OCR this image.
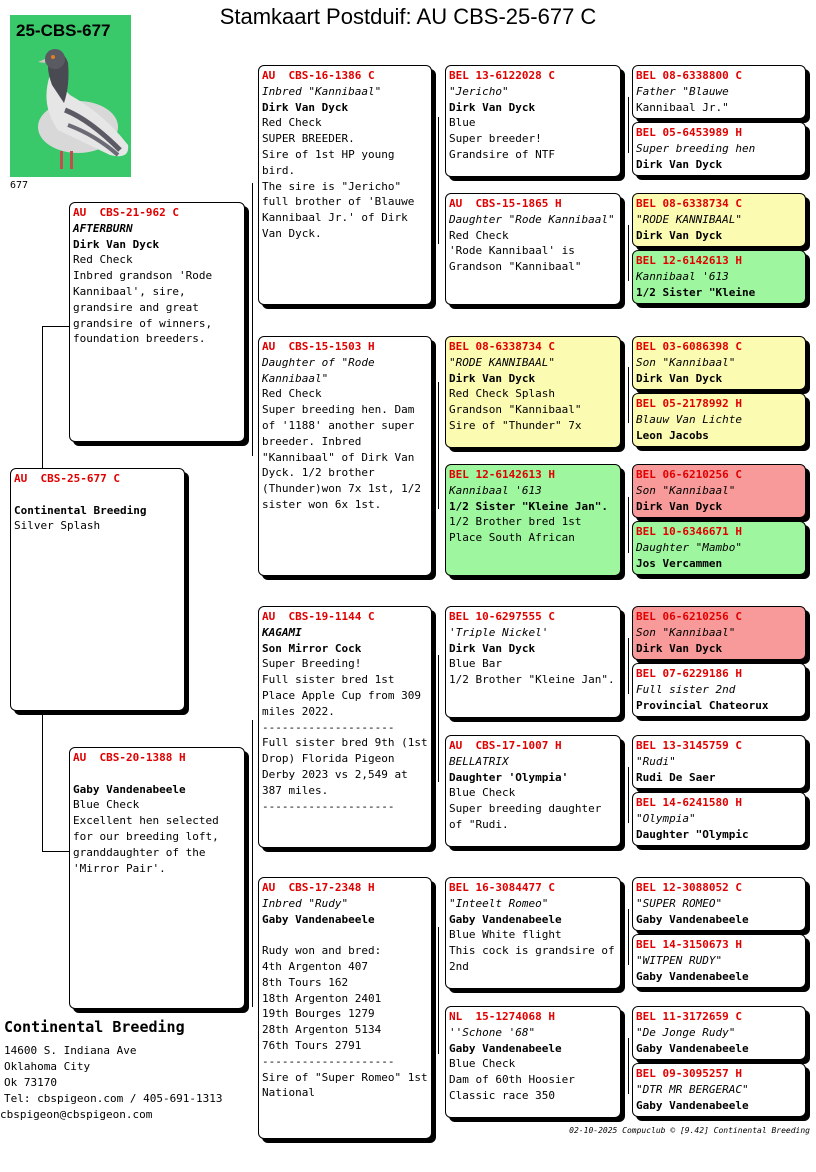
Stamkaart Postduif: AU CBS-25-677 C
25-CBS-677
677
AU  CBS-25-677 C

Continental Breeding
Silver Splash
AU  CBS-21-962 C
AFTERBURN
Dirk Van Dyck
Red Check
Inbred grandson 'Rode Kannibaal', sire, grandsire and great grandsire of winners, foundation breeders.
AU  CBS-20-1388 H

Gaby Vandenabeele
Blue Check
Excellent hen selected for our breeding loft, granddaughter of the 'Mirror Pair'.
AU  CBS-16-1386 C
Inbred "Kannibaal"
Dirk Van Dyck
Red Check
SUPER BREEDER.
Sire of 1st HP young bird.
The sire is "Jericho" full brother of 'Blauwe Kannibaal Jr.' of Dirk Van Dyck.
AU  CBS-15-1503 H
Daughter of "Rode Kannibaal"
Red Check
Super breeding hen. Dam of '1188' another super breeder. Inbred "Kannibaal" of Dirk Van Dyck. 1/2 brother (Thunder)won 7x 1st, 1/2 sister won 6x 1st.
AU  CBS-19-1144 C
KAGAMI
Son Mirror Cock
Super Breeding!
Full sister bred 1st Place Apple Cup from 309 miles 2022.
--------------------
Full sister bred 9th (1st Drop) Florida Pigeon Derby 2023 vs 2,549 at 387 miles.
--------------------
AU  CBS-17-2348 H
Inbred "Rudy"
Gaby Vandenabeele

Rudy won and bred:
4th Argenton 407
8th Tours 162
18th Argenton 2401
19th Bourges 1279
28th Argenton 5134
76th Tours 2791
--------------------
Sire of "Super Romeo" 1st National
BEL 13-6122028 C
"Jericho"
Dirk Van Dyck
Blue
Super breeder!
Grandsire of NTF
AU  CBS-15-1865 H
Daughter "Rode Kannibaal"
Red Check
'Rode Kannibaal' is Grandson "Kannibaal"
BEL 08-6338734 C
"RODE KANNIBAAL"
Dirk Van Dyck
Red Check Splash
Grandson "Kannibaal"
Sire of "Thunder" 7x
BEL 12-6142613 H
Kannibaal '613
1/2 Sister "Kleine Jan".
1/2 Brother bred 1st Place South African
BEL 10-6297555 C
'Triple Nickel'
Dirk Van Dyck
Blue Bar
1/2 Brother "Kleine Jan".
AU  CBS-17-1007 H
BELLATRIX
Daughter 'Olympia'
Blue Check
Super breeding daughter of "Rudi.
BEL 16-3084477 C
"Inteelt Romeo"
Gaby Vandenabeele
Blue White flight
This cock is grandsire of 2nd
NL  15-1274068 H
''Schone '68"
Gaby Vandenabeele
Blue Check
Dam of 60th Hoosier Classic race 350
BEL 08-6338800 C
Father "Blauwe
Kannibaal Jr."
BEL 05-6453989 H
Super breeding hen
Dirk Van Dyck
BEL 08-6338734 C
"RODE KANNIBAAL"
Dirk Van Dyck
BEL 12-6142613 H
Kannibaal '613
1/2 Sister "Kleine
BEL 03-6086398 C
Son "Kannibaal"
Dirk Van Dyck
BEL 05-2178992 H
Blauw Van Lichte
Leon Jacobs
BEL 06-6210256 C
Son "Kannibaal"
Dirk Van Dyck
BEL 10-6346671 H
Daughter "Mambo"
Jos Vercammen
BEL 06-6210256 C
Son "Kannibaal"
Dirk Van Dyck
BEL 07-6229186 H
Full sister 2nd
Provincial Chateorux
BEL 13-3145759 C
"Rudi"
Rudi De Saer
BEL 14-6241580 H
"Olympia"
Daughter "Olympic
BEL 12-3088052 C
"SUPER ROMEO"
Gaby Vandenabeele
BEL 14-3150673 H
"WITPEN RUDY"
Gaby Vandenabeele
BEL 11-3172659 C
"De Jonge Rudy"
Gaby Vandenabeele
BEL 09-3095257 H
"DTR MR BERGERAC"
Gaby Vandenabeele
Continental Breeding
14600 S. Indiana Ave
Oklahoma City
Ok 73170
Tel: cbspigeon.com / 405-691-1313
cbspigeon@cbspigeon.com
02-10-2025 Compuclub © [9.42] Continental Breeding
